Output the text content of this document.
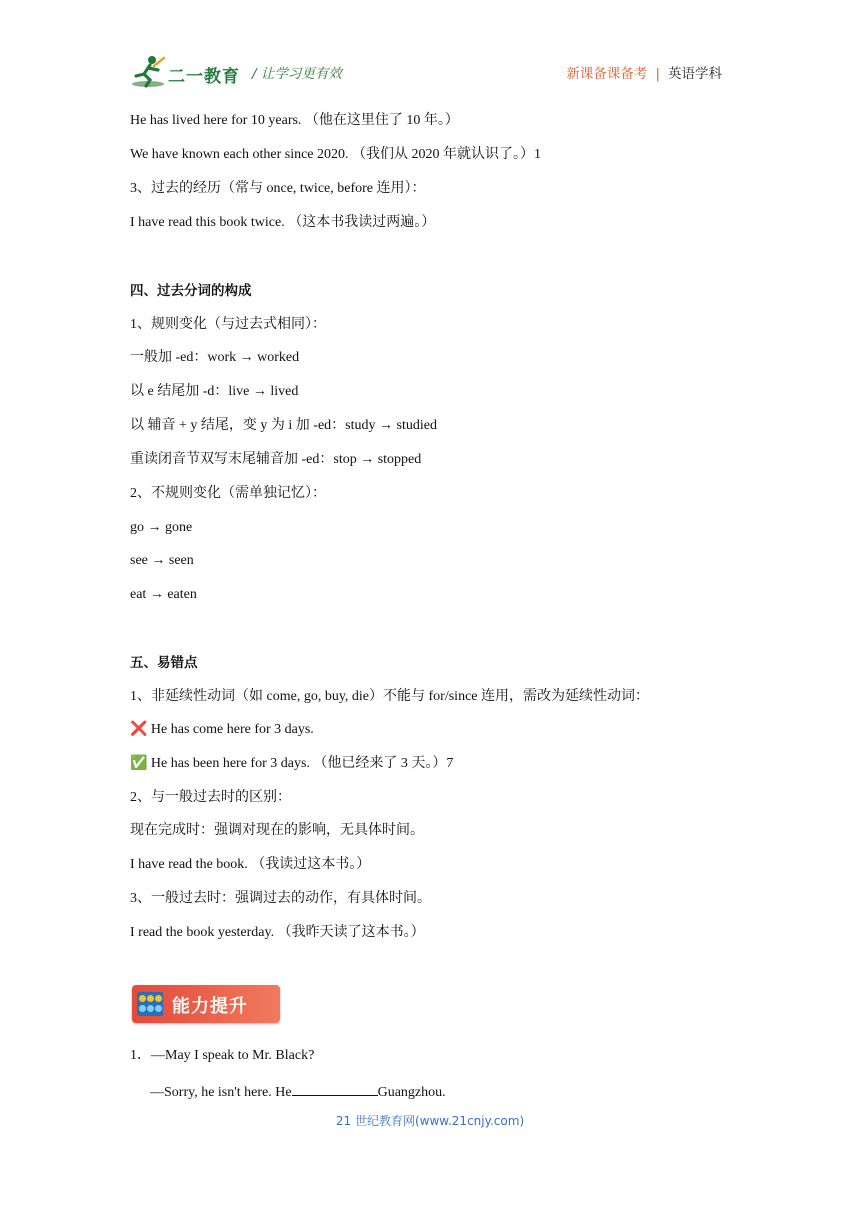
二一教育 / 让学习更有效	新课备课备考 | 英语学科
He has lived here for 10 years. （他在这里住了 10 年。）
We have known each other since 2020. （我们从 2020 年就认识了。）1
3、过去的经历（常与 once, twice, before 连用）：
I have read this book twice. （这本书我读过两遍。）
四、过去分词的构成
1、规则变化（与过去式相同）：
一般加 -ed：work → worked
以 e 结尾加 -d：live → lived
以 辅音 + y 结尾，变 y 为 i 加 -ed：study → studied
重读闭音节双写末尾辅音加 -ed：stop → stopped
2、不规则变化（需单独记忆）：
go → gone
see → seen
eat → eaten
五、易错点
1、非延续性动词（如 come, go, buy, die）不能与 for/since 连用，需改为延续性动词：
❌ He has come here for 3 days.
✅ He has been here for 3 days. （他已经来了 3 天。）7
2、与一般过去时的区别：
现在完成时：强调对现在的影响，无具体时间。
I have read the book. （我读过这本书。）
3、一般过去时：强调过去的动作，有具体时间。
I read the book yesterday. （我昨天读了这本书。）
1．—May I speak to Mr. Black?
—Sorry, he isn't here. He	Guangzhou.
能力提升
21 世纪教育网(www.21cnjy.com)
